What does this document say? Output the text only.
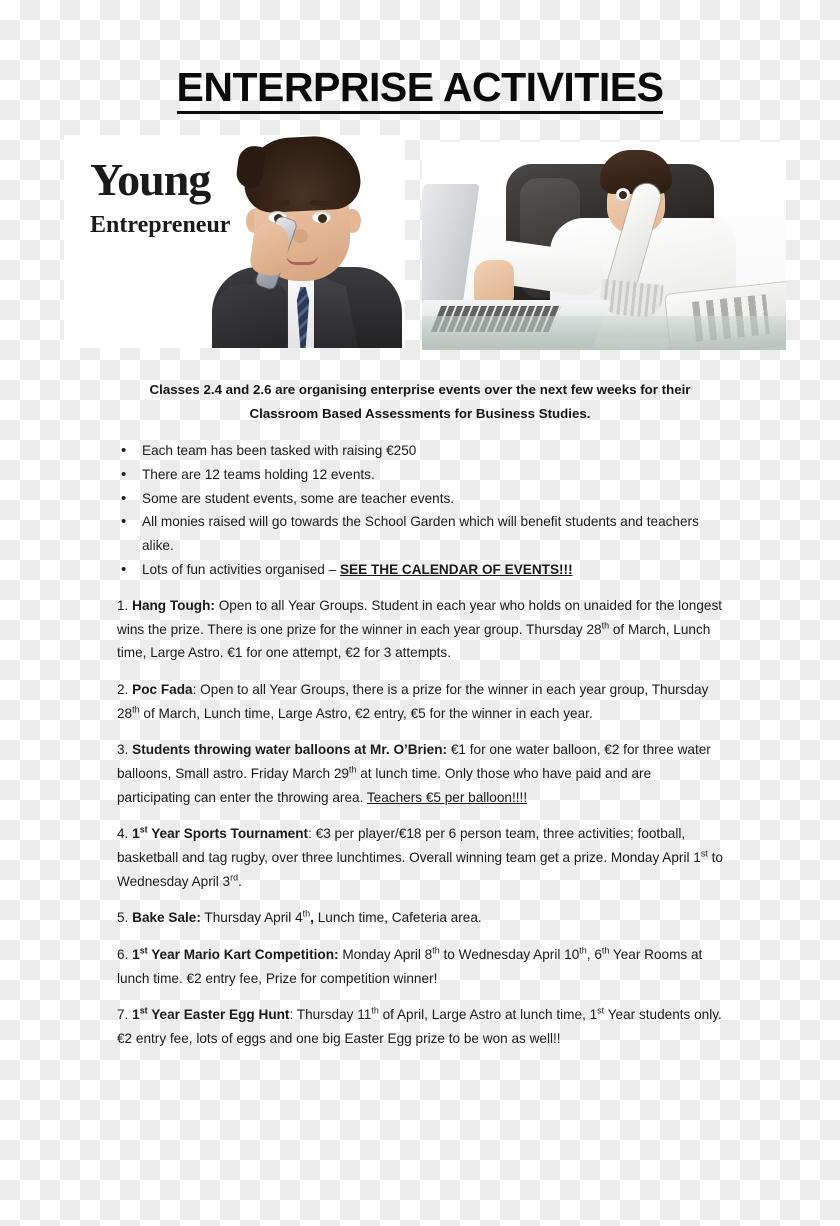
ENTERPRISE ACTIVITIES
Young
Entrepreneur

Classes 2.4 and 2.6 are organising enterprise events over the next few weeks for their Classroom Based Assessments for Business Studies.

• Each team has been tasked with raising €250
• There are 12 teams holding 12 events.
• Some are student events, some are teacher events.
• All monies raised will go towards the School Garden which will benefit students and teachers alike.
• Lots of fun activities organised – SEE THE CALENDAR OF EVENTS!!!

1. Hang Tough: Open to all Year Groups. Student in each year who holds on unaided for the longest wins the prize. There is one prize for the winner in each year group. Thursday 28th of March, Lunch time, Large Astro. €1 for one attempt, €2 for 3 attempts.

2. Poc Fada: Open to all Year Groups, there is a prize for the winner in each year group, Thursday 28th of March, Lunch time, Large Astro, €2 entry, €5 for the winner in each year.

3. Students throwing water balloons at Mr. O’Brien: €1 for one water balloon, €2 for three water balloons, Small astro. Friday March 29th at lunch time. Only those who have paid and are participating can enter the throwing area. Teachers €5 per balloon!!!!

4. 1st Year Sports Tournament: €3 per player/€18 per 6 person team, three activities; football, basketball and tag rugby, over three lunchtimes. Overall winning team get a prize. Monday April 1st to Wednesday April 3rd.

5. Bake Sale: Thursday April 4th, Lunch time, Cafeteria area.

6. 1st Year Mario Kart Competition: Monday April 8th to Wednesday April 10th, 6th Year Rooms at lunch time. €2 entry fee, Prize for competition winner!

7. 1st Year Easter Egg Hunt: Thursday 11th of April, Large Astro at lunch time, 1st Year students only. €2 entry fee, lots of eggs and one big Easter Egg prize to be won as well!!
